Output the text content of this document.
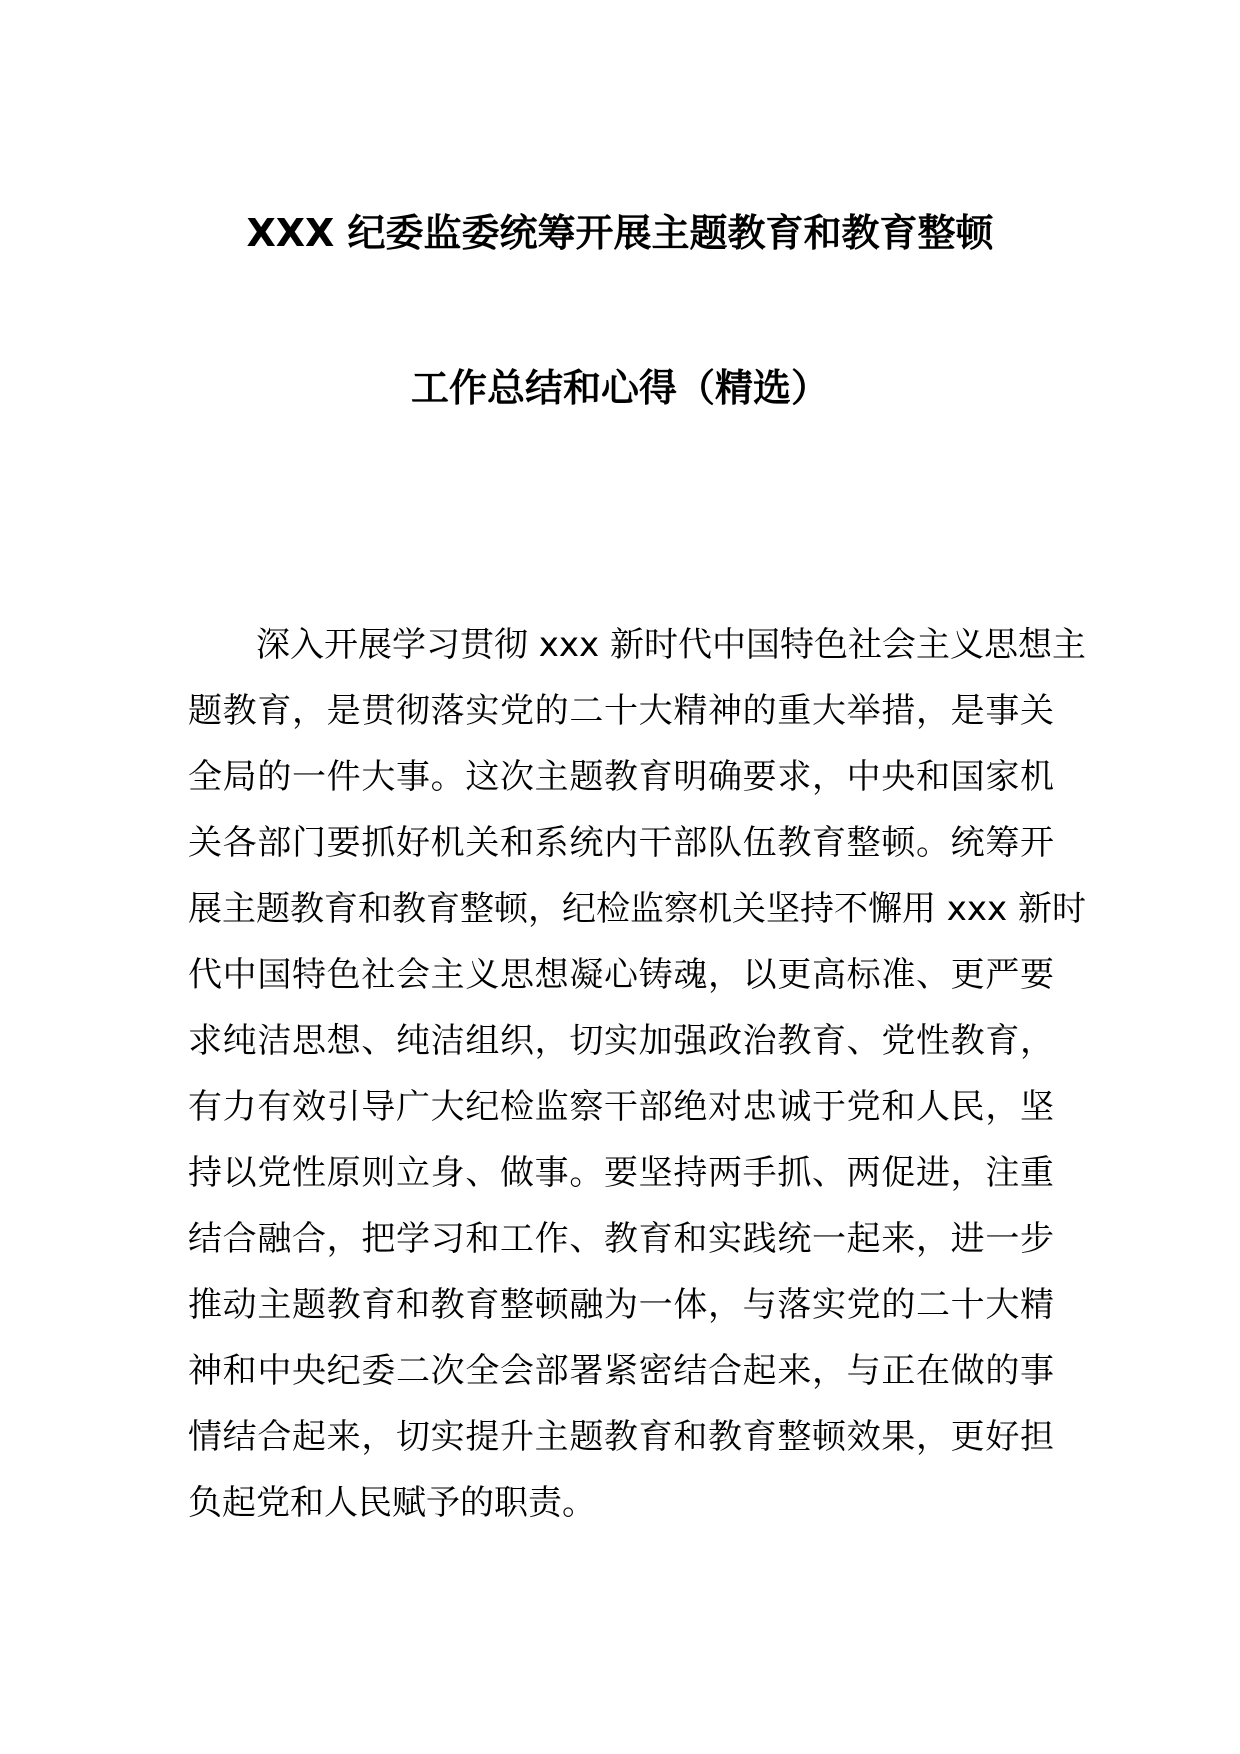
XXX 纪委监委统筹开展主题教育和教育整顿
工作总结和心得（精选）
深入开展学习贯彻 xxx 新时代中国特色社会主义思想主
题教育，是贯彻落实党的二十大精神的重大举措，是事关
全局的一件大事。这次主题教育明确要求，中央和国家机
关各部门要抓好机关和系统内干部队伍教育整顿。统筹开
展主题教育和教育整顿，纪检监察机关坚持不懈用 xxx 新时
代中国特色社会主义思想凝心铸魂，以更高标准、更严要
求纯洁思想、纯洁组织，切实加强政治教育、党性教育，
有力有效引导广大纪检监察干部绝对忠诚于党和人民，坚
持以党性原则立身、做事。要坚持两手抓、两促进，注重
结合融合，把学习和工作、教育和实践统一起来，进一步
推动主题教育和教育整顿融为一体，与落实党的二十大精
神和中央纪委二次全会部署紧密结合起来，与正在做的事
情结合起来，切实提升主题教育和教育整顿效果，更好担
负起党和人民赋予的职责。
